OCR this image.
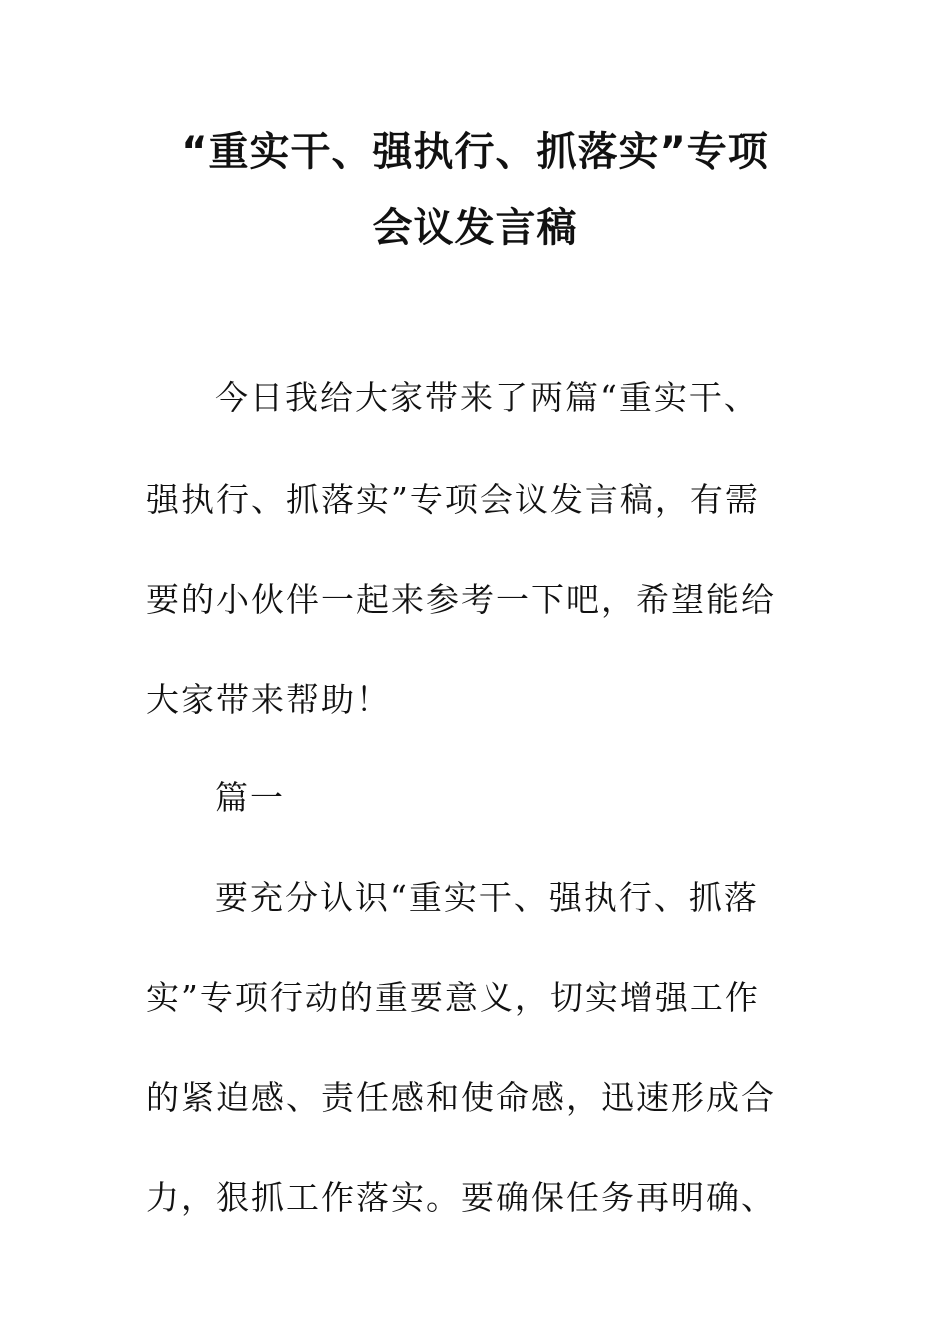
“重实干、强执行、抓落实”专项
会议发言稿
今日我给大家带来了两篇“重实干、
强执行、抓落实”专项会议发言稿，有需
要的小伙伴一起来参考一下吧，希望能给
大家带来帮助！
篇一
要充分认识“重实干、强执行、抓落
实”专项行动的重要意义，切实增强工作
的紧迫感、责任感和使命感，迅速形成合
力，狠抓工作落实。要确保任务再明确、
